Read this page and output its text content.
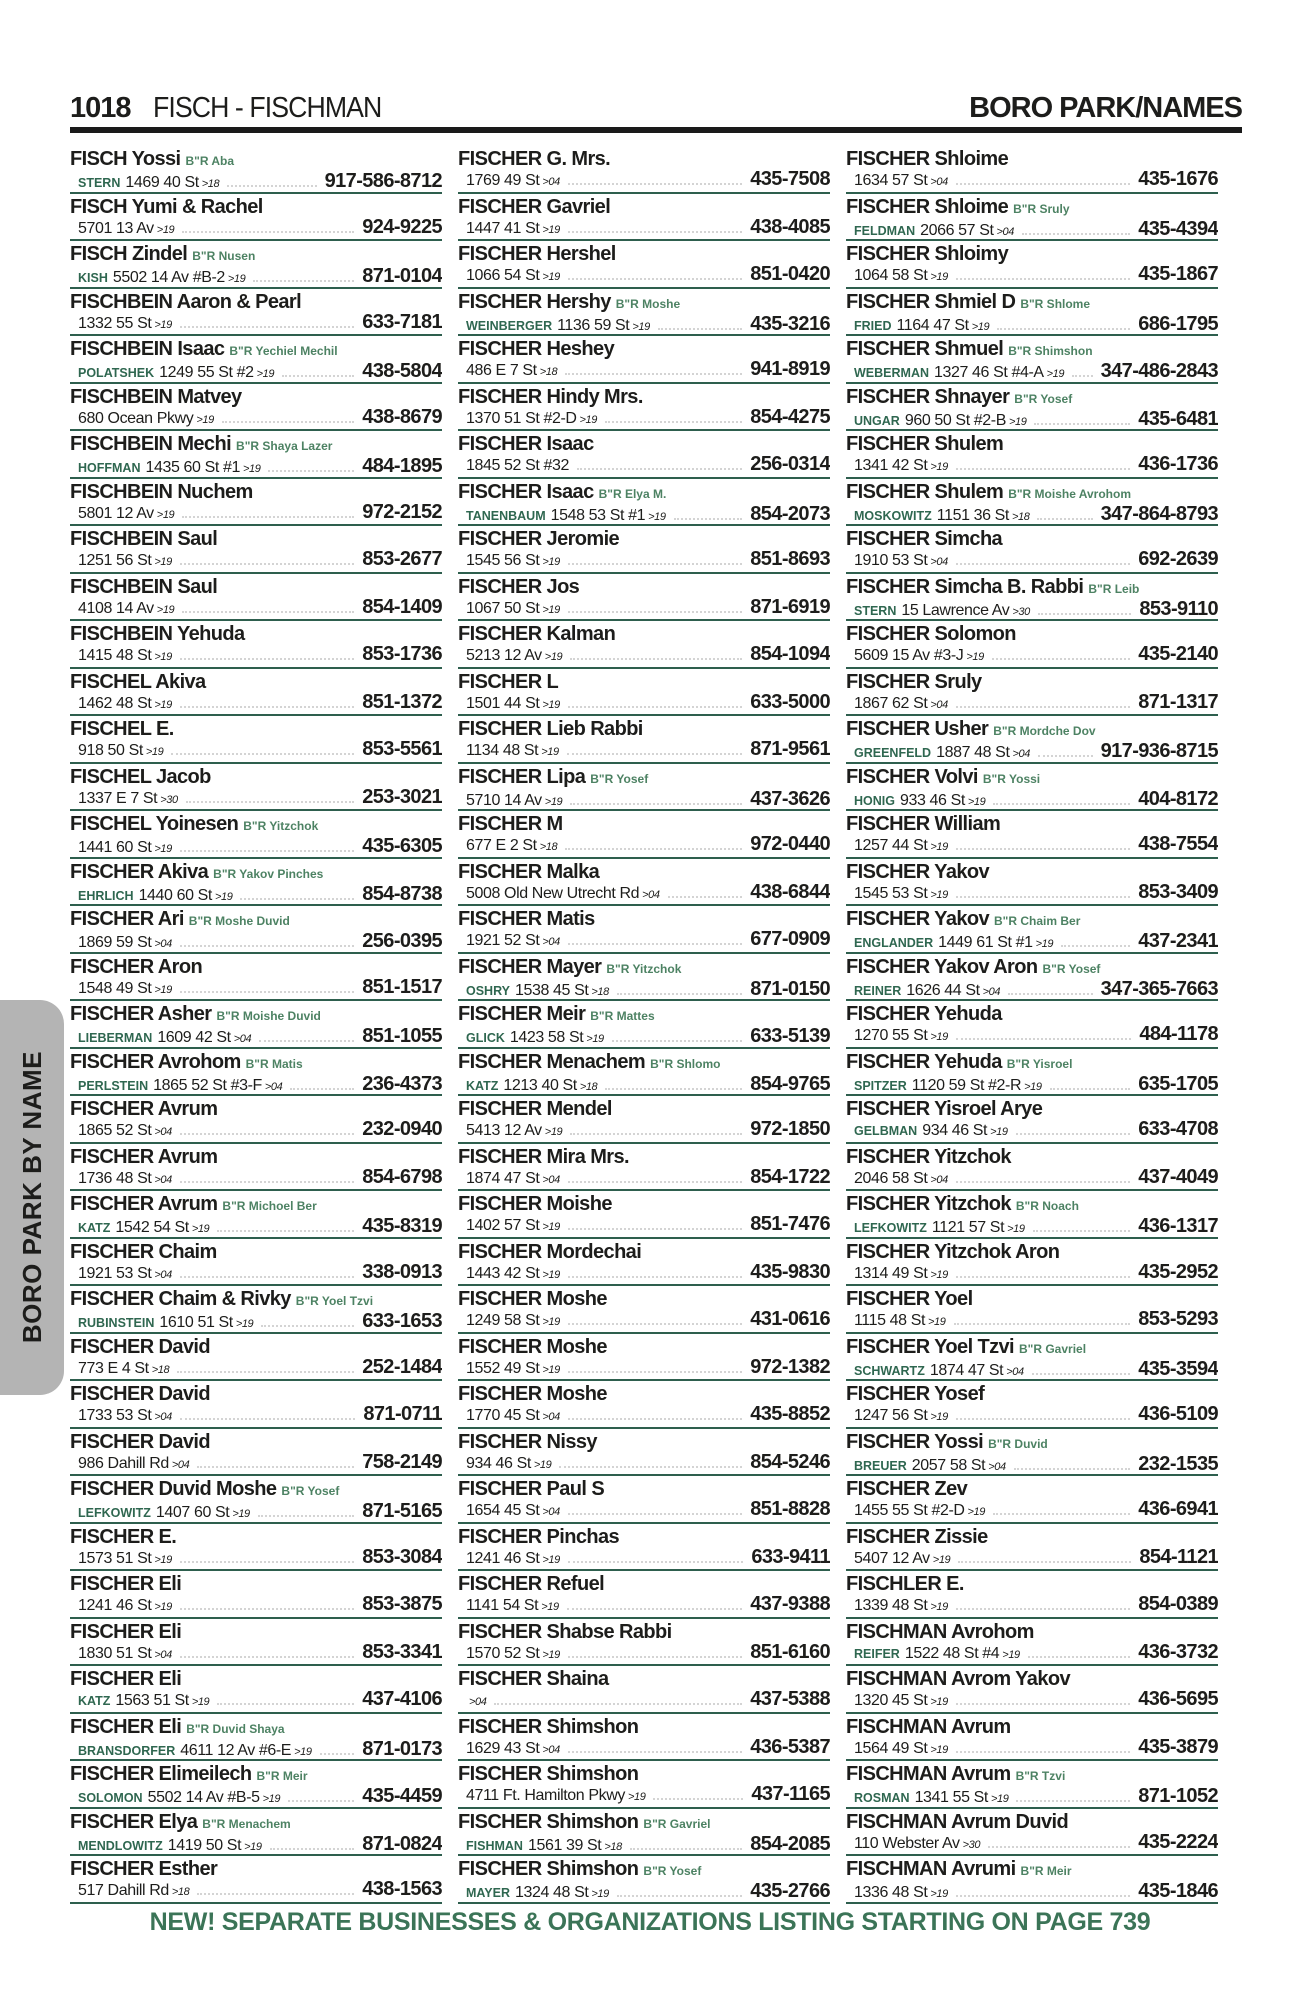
1018 FISCH - FISCHMAN	BORO PARK/NAMES
FISCH Yossi B"R Aba
STERN 1469 40 St >18	917-586-8712
FISCH Yumi & Rachel
5701 13 Av >19	924-9225
FISCH Zindel B"R Nusen
KISH 5502 14 Av #B-2 >19	871-0104
FISCHBEIN Aaron & Pearl
1332 55 St >19	633-7181
FISCHBEIN Isaac B"R Yechiel Mechil
POLATSHEK 1249 55 St #2 >19	438-5804
FISCHBEIN Matvey
680 Ocean Pkwy >19	438-8679
FISCHBEIN Mechi B"R Shaya Lazer
HOFFMAN 1435 60 St #1 >19	484-1895
FISCHBEIN Nuchem
5801 12 Av >19	972-2152
FISCHBEIN Saul
1251 56 St >19	853-2677
FISCHBEIN Saul
4108 14 Av >19	854-1409
FISCHBEIN Yehuda
1415 48 St >19	853-1736
FISCHEL Akiva
1462 48 St >19	851-1372
FISCHEL E.
918 50 St >19	853-5561
FISCHEL Jacob
1337 E 7 St >30	253-3021
FISCHEL Yoinesen B"R Yitzchok
1441 60 St >19	435-6305
FISCHER Akiva B"R Yakov Pinches
EHRLICH 1440 60 St >19	854-8738
FISCHER Ari B"R Moshe Duvid
1869 59 St >04	256-0395
FISCHER Aron
1548 49 St >19	851-1517
FISCHER Asher B"R Moishe Duvid
LIEBERMAN 1609 42 St >04	851-1055
FISCHER Avrohom B"R Matis
PERLSTEIN 1865 52 St #3-F >04	236-4373
FISCHER Avrum
1865 52 St >04	232-0940
FISCHER Avrum
1736 48 St >04	854-6798
FISCHER Avrum B"R Michoel Ber
KATZ 1542 54 St >19	435-8319
FISCHER Chaim
1921 53 St >04	338-0913
FISCHER Chaim & Rivky B"R Yoel Tzvi
RUBINSTEIN 1610 51 St >19	633-1653
FISCHER David
773 E 4 St >18	252-1484
FISCHER David
1733 53 St >04	871-0711
FISCHER David
986 Dahill Rd >04	758-2149
FISCHER Duvid Moshe B"R Yosef
LEFKOWITZ 1407 60 St >19	871-5165
FISCHER E.
1573 51 St >19	853-3084
FISCHER Eli
1241 46 St >19	853-3875
FISCHER Eli
1830 51 St >04	853-3341
FISCHER Eli
KATZ 1563 51 St >19	437-4106
FISCHER Eli B"R Duvid Shaya
BRANSDORFER 4611 12 Av #6-E >19	871-0173
FISCHER Elimeilech B"R Meir
SOLOMON 5502 14 Av #B-5 >19	435-4459
FISCHER Elya B"R Menachem
MENDLOWITZ 1419 50 St >19	871-0824
FISCHER Esther
517 Dahill Rd >18	438-1563
FISCHER G. Mrs.
1769 49 St >04	435-7508
FISCHER Gavriel
1447 41 St >19	438-4085
FISCHER Hershel
1066 54 St >19	851-0420
FISCHER Hershy B"R Moshe
WEINBERGER 1136 59 St >19	435-3216
FISCHER Heshey
486 E 7 St >18	941-8919
FISCHER Hindy Mrs.
1370 51 St #2-D >19	854-4275
FISCHER Isaac
1845 52 St #32	256-0314
FISCHER Isaac B"R Elya M.
TANENBAUM 1548 53 St #1 >19	854-2073
FISCHER Jeromie
1545 56 St >19	851-8693
FISCHER Jos
1067 50 St >19	871-6919
FISCHER Kalman
5213 12 Av >19	854-1094
FISCHER L
1501 44 St >19	633-5000
FISCHER Lieb Rabbi
1134 48 St >19	871-9561
FISCHER Lipa B"R Yosef
5710 14 Av >19	437-3626
FISCHER M
677 E 2 St >18	972-0440
FISCHER Malka
5008 Old New Utrecht Rd >04	438-6844
FISCHER Matis
1921 52 St >04	677-0909
FISCHER Mayer B"R Yitzchok
OSHRY 1538 45 St >18	871-0150
FISCHER Meir B"R Mattes
GLICK 1423 58 St >19	633-5139
FISCHER Menachem B"R Shlomo
KATZ 1213 40 St >18	854-9765
FISCHER Mendel
5413 12 Av >19	972-1850
FISCHER Mira Mrs.
1874 47 St >04	854-1722
FISCHER Moishe
1402 57 St >19	851-7476
FISCHER Mordechai
1443 42 St >19	435-9830
FISCHER Moshe
1249 58 St >19	431-0616
FISCHER Moshe
1552 49 St >19	972-1382
FISCHER Moshe
1770 45 St >04	435-8852
FISCHER Nissy
934 46 St >19	854-5246
FISCHER Paul S
1654 45 St >04	851-8828
FISCHER Pinchas
1241 46 St >19	633-9411
FISCHER Refuel
1141 54 St >19	437-9388
FISCHER Shabse Rabbi
1570 52 St >19	851-6160
FISCHER Shaina
>04	437-5388
FISCHER Shimshon
1629 43 St >04	436-5387
FISCHER Shimshon
4711 Ft. Hamilton Pkwy >19	437-1165
FISCHER Shimshon B"R Gavriel
FISHMAN 1561 39 St >18	854-2085
FISCHER Shimshon B"R Yosef
MAYER 1324 48 St >19	435-2766
FISCHER Shloime
1634 57 St >04	435-1676
FISCHER Shloime B"R Sruly
FELDMAN 2066 57 St >04	435-4394
FISCHER Shloimy
1064 58 St >19	435-1867
FISCHER Shmiel D B"R Shlome
FRIED 1164 47 St >19	686-1795
FISCHER Shmuel B"R Shimshon
WEBERMAN 1327 46 St #4-A >19 347-486-2843
FISCHER Shnayer B"R Yosef
UNGAR 960 50 St #2-B >19	435-6481
FISCHER Shulem
1341 42 St >19	436-1736
FISCHER Shulem B"R Moishe Avrohom
MOSKOWITZ 1151 36 St >18	347-864-8793
FISCHER Simcha
1910 53 St >04	692-2639
FISCHER Simcha B. Rabbi B"R Leib
STERN 15 Lawrence Av >30	853-9110
FISCHER Solomon
5609 15 Av #3-J >19	435-2140
FISCHER Sruly
1867 62 St >04	871-1317
FISCHER Usher B"R Mordche Dov
GREENFELD 1887 48 St >04	917-936-8715
FISCHER Volvi B"R Yossi
HONIG 933 46 St >19	404-8172
FISCHER William
1257 44 St >19	438-7554
FISCHER Yakov
1545 53 St >19	853-3409
FISCHER Yakov B"R Chaim Ber
ENGLANDER 1449 61 St #1 >19	437-2341
FISCHER Yakov Aron B"R Yosef
REINER 1626 44 St >04	347-365-7663
FISCHER Yehuda
1270 55 St >19	484-1178
FISCHER Yehuda B"R Yisroel
SPITZER 1120 59 St #2-R >19	635-1705
FISCHER Yisroel Arye
GELBMAN 934 46 St >19	633-4708
FISCHER Yitzchok
2046 58 St >04	437-4049
FISCHER Yitzchok B"R Noach
LEFKOWITZ 1121 57 St >19	436-1317
FISCHER Yitzchok Aron
1314 49 St >19	435-2952
FISCHER Yoel
1115 48 St >19	853-5293
FISCHER Yoel Tzvi B"R Gavriel
SCHWARTZ 1874 47 St >04	435-3594
FISCHER Yosef
1247 56 St >19	436-5109
FISCHER Yossi B"R Duvid
BREUER 2057 58 St >04	232-1535
FISCHER Zev
1455 55 St #2-D >19	436-6941
FISCHER Zissie
5407 12 Av >19	854-1121
FISCHLER E.
1339 48 St >19	854-0389
FISCHMAN Avrohom
REIFER 1522 48 St #4 >19	436-3732
FISCHMAN Avrom Yakov
1320 45 St >19	436-5695
FISCHMAN Avrum
1564 49 St >19	435-3879
FISCHMAN Avrum B"R Tzvi
ROSMAN 1341 55 St >19	871-1052
FISCHMAN Avrum Duvid
110 Webster Av >30	435-2224
FISCHMAN Avrumi B"R Meir
1336 48 St >19	435-1846
BORO PARK BY NAME
NEW! SEPARATE BUSINESSES & ORGANIZATIONS LISTING STARTING ON PAGE 739
